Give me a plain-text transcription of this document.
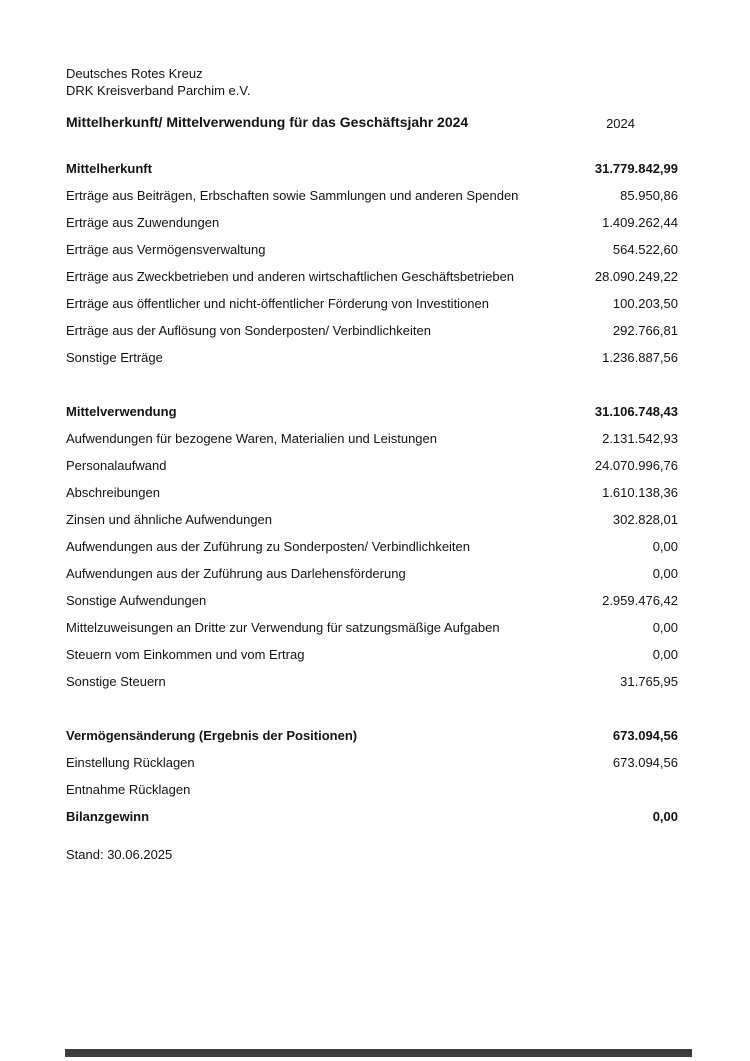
Deutsches Rotes Kreuz
DRK Kreisverband Parchim e.V.
Mittelherkunft/ Mittelverwendung für das Geschäftsjahr 2024	2024
Mittelherkunft	31.779.842,99
Erträge aus Beiträgen, Erbschaften sowie Sammlungen und anderen Spenden	85.950,86
Erträge aus Zuwendungen	1.409.262,44
Erträge aus Vermögensverwaltung	564.522,60
Erträge aus Zweckbetrieben und anderen wirtschaftlichen Geschäftsbetrieben	28.090.249,22
Erträge aus öffentlicher und nicht-öffentlicher Förderung von Investitionen	100.203,50
Erträge aus der Auflösung von Sonderposten/ Verbindlichkeiten	292.766,81
Sonstige Erträge	1.236.887,56
Mittelverwendung	31.106.748,43
Aufwendungen für bezogene Waren, Materialien und Leistungen	2.131.542,93
Personalaufwand	24.070.996,76
Abschreibungen	1.610.138,36
Zinsen und ähnliche Aufwendungen	302.828,01
Aufwendungen aus der Zuführung zu Sonderposten/ Verbindlichkeiten	0,00
Aufwendungen aus der Zuführung aus Darlehensförderung	0,00
Sonstige Aufwendungen	2.959.476,42
Mittelzuweisungen an Dritte zur Verwendung für satzungsmäßige Aufgaben	0,00
Steuern vom Einkommen und vom Ertrag	0,00
Sonstige Steuern	31.765,95
Vermögensänderung (Ergebnis der Positionen)	673.094,56
Einstellung Rücklagen	673.094,56
Entnahme Rücklagen
Bilanzgewinn	0,00
Stand: 30.06.2025
